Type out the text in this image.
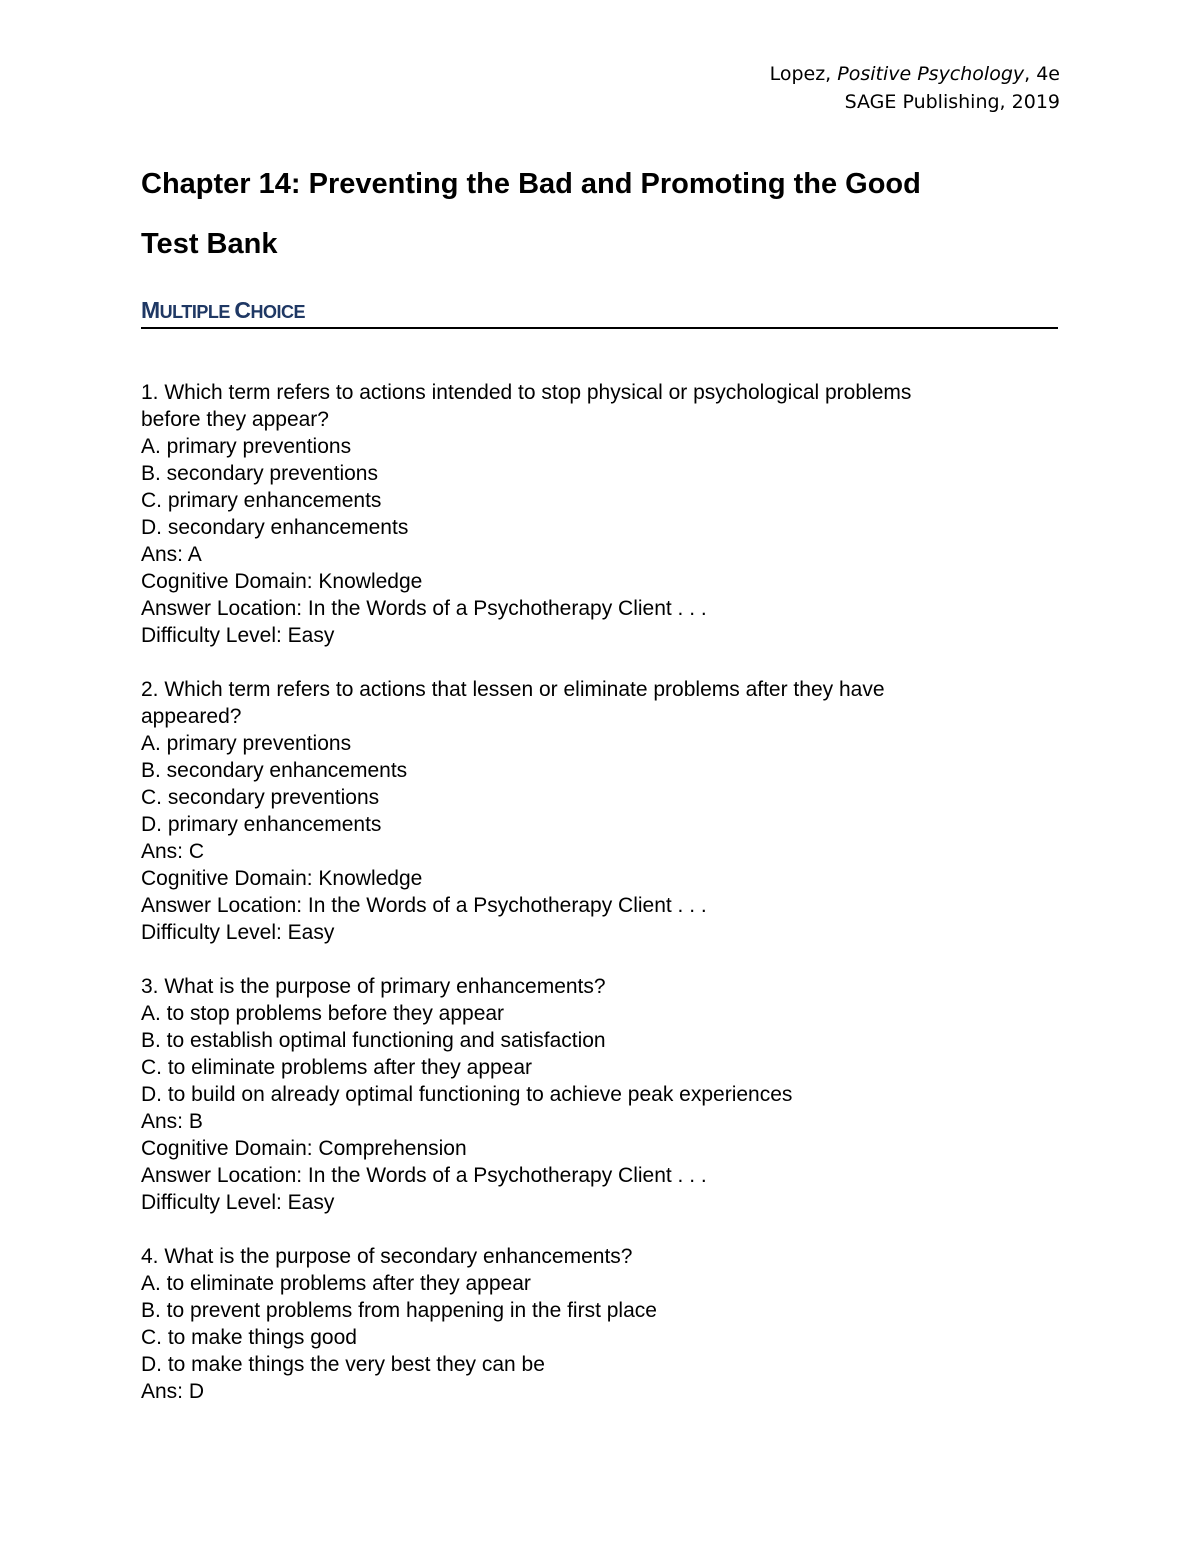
Lopez, Positive Psychology, 4e
SAGE Publishing, 2019
Chapter 14: Preventing the Bad and Promoting the Good
Test Bank
MULTIPLE CHOICE
1. Which term refers to actions intended to stop physical or psychological problems
before they appear?
A. primary preventions
B. secondary preventions
C. primary enhancements
D. secondary enhancements
Ans: A
Cognitive Domain: Knowledge
Answer Location: In the Words of a Psychotherapy Client . . .
Difficulty Level: Easy
2. Which term refers to actions that lessen or eliminate problems after they have
appeared?
A. primary preventions
B. secondary enhancements
C. secondary preventions
D. primary enhancements
Ans: C
Cognitive Domain: Knowledge
Answer Location: In the Words of a Psychotherapy Client . . .
Difficulty Level: Easy
3. What is the purpose of primary enhancements?
A. to stop problems before they appear
B. to establish optimal functioning and satisfaction
C. to eliminate problems after they appear
D. to build on already optimal functioning to achieve peak experiences
Ans: B
Cognitive Domain: Comprehension
Answer Location: In the Words of a Psychotherapy Client . . .
Difficulty Level: Easy
4. What is the purpose of secondary enhancements?
A. to eliminate problems after they appear
B. to prevent problems from happening in the first place
C. to make things good
D. to make things the very best they can be
Ans: D
